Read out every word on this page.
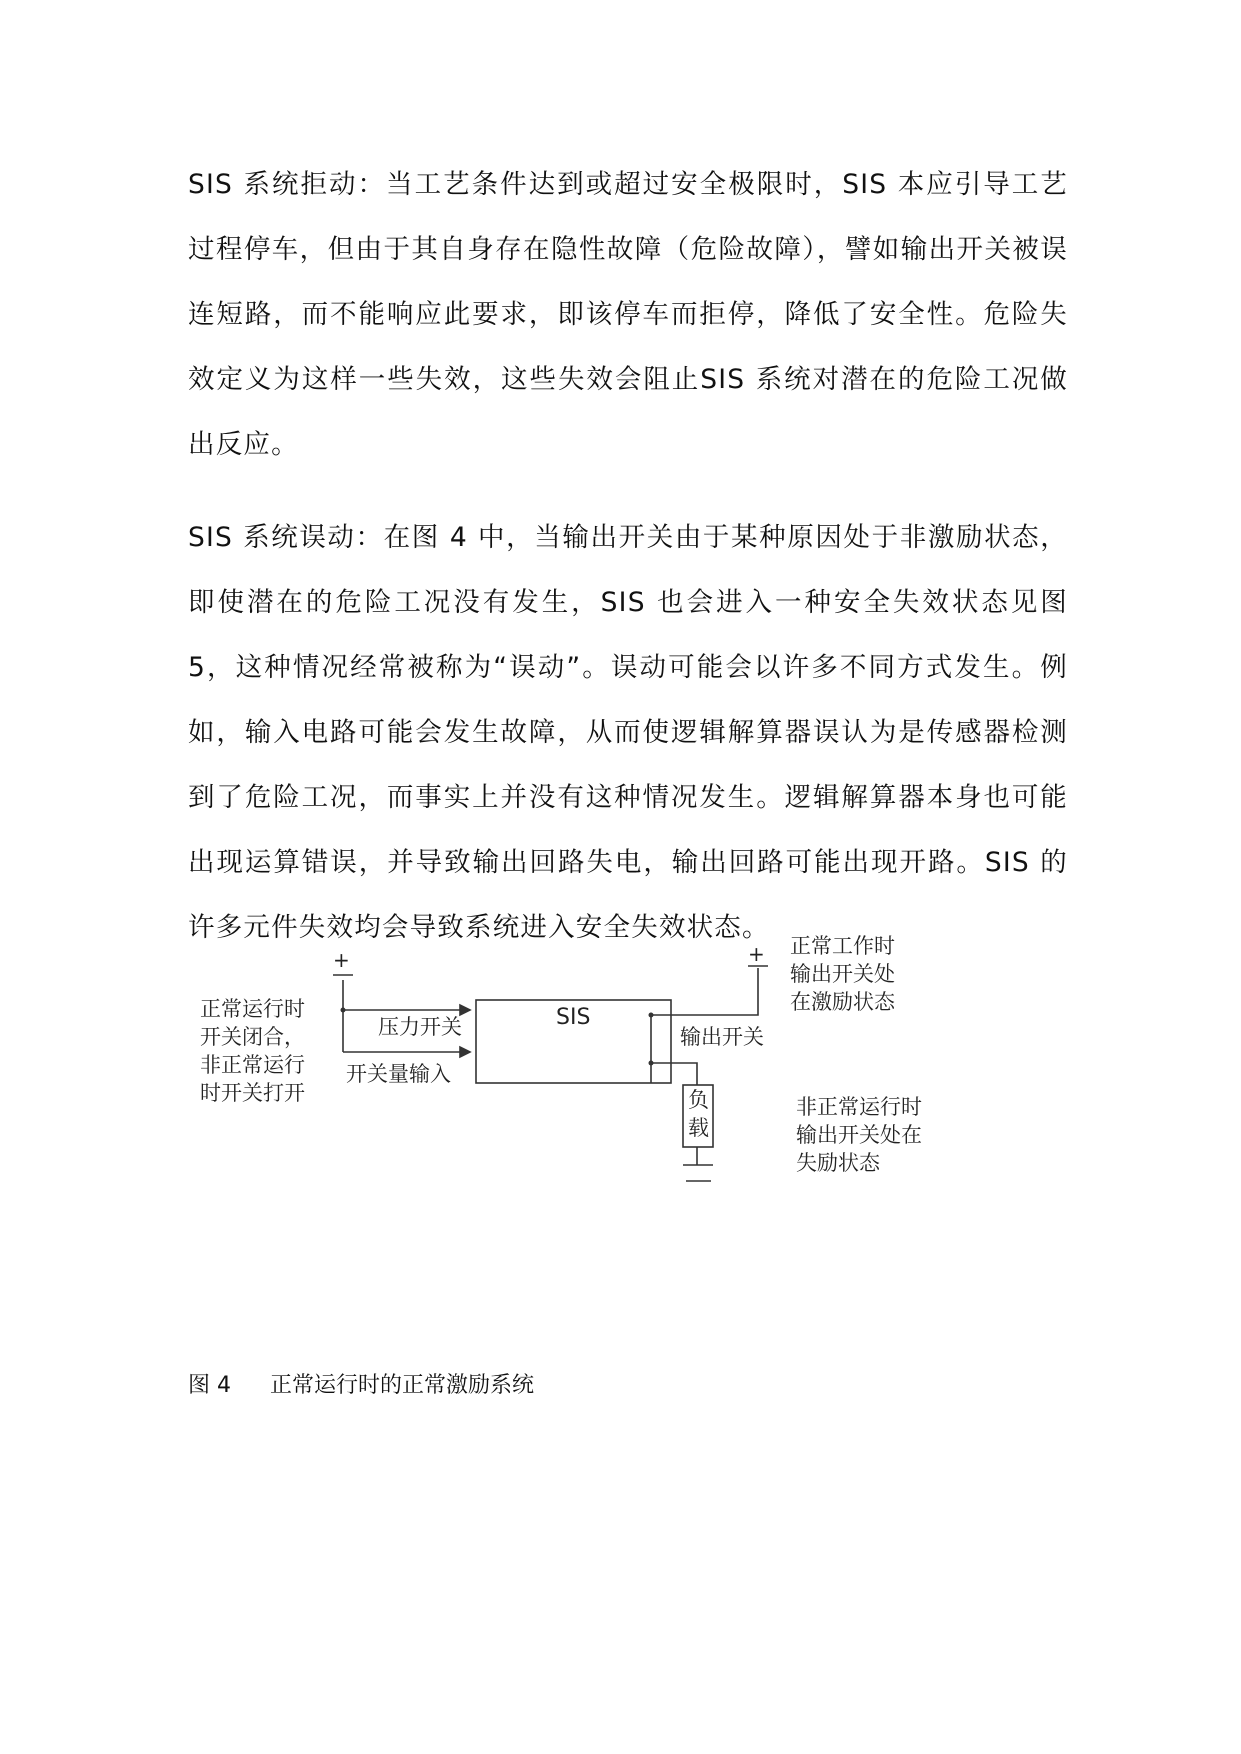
SIS 系统拒动：当工艺条件达到或超过安全极限时，SIS 本应引导工艺过程停车，但由于其自身存在隐性故障（危险故障），譬如输出开关被误连短路，而不能响应此要求，即该停车而拒停，降低了安全性。危险失效定义为这样一些失效，这些失效会阻止SIS 系统对潜在的危险工况做出反应。

SIS 系统误动：在图 4 中，当输出开关由于某种原因处于非激励状态，即使潜在的危险工况没有发生，SIS 也会进入一种安全失效状态见图 5，这种情况经常被称为“误动”。误动可能会以许多不同方式发生。例如，输入电路可能会发生故障，从而使逻辑解算器误认为是传感器检测到了危险工况，而事实上并没有这种情况发生。逻辑解算器本身也可能出现运算错误，并导致输出回路失电，输出回路可能出现开路。SIS 的许多元件失效均会导致系统进入安全失效状态。

+	+
正常运行时
开关闭合，
非正常运行
时开关打开
压力开关
开关量输入
SIS
输出开关
负
载
正常工作时
输出开关处
在激励状态
非正常运行时
输出开关处在
失励状态
图 4 正常运行时的正常激励系统
